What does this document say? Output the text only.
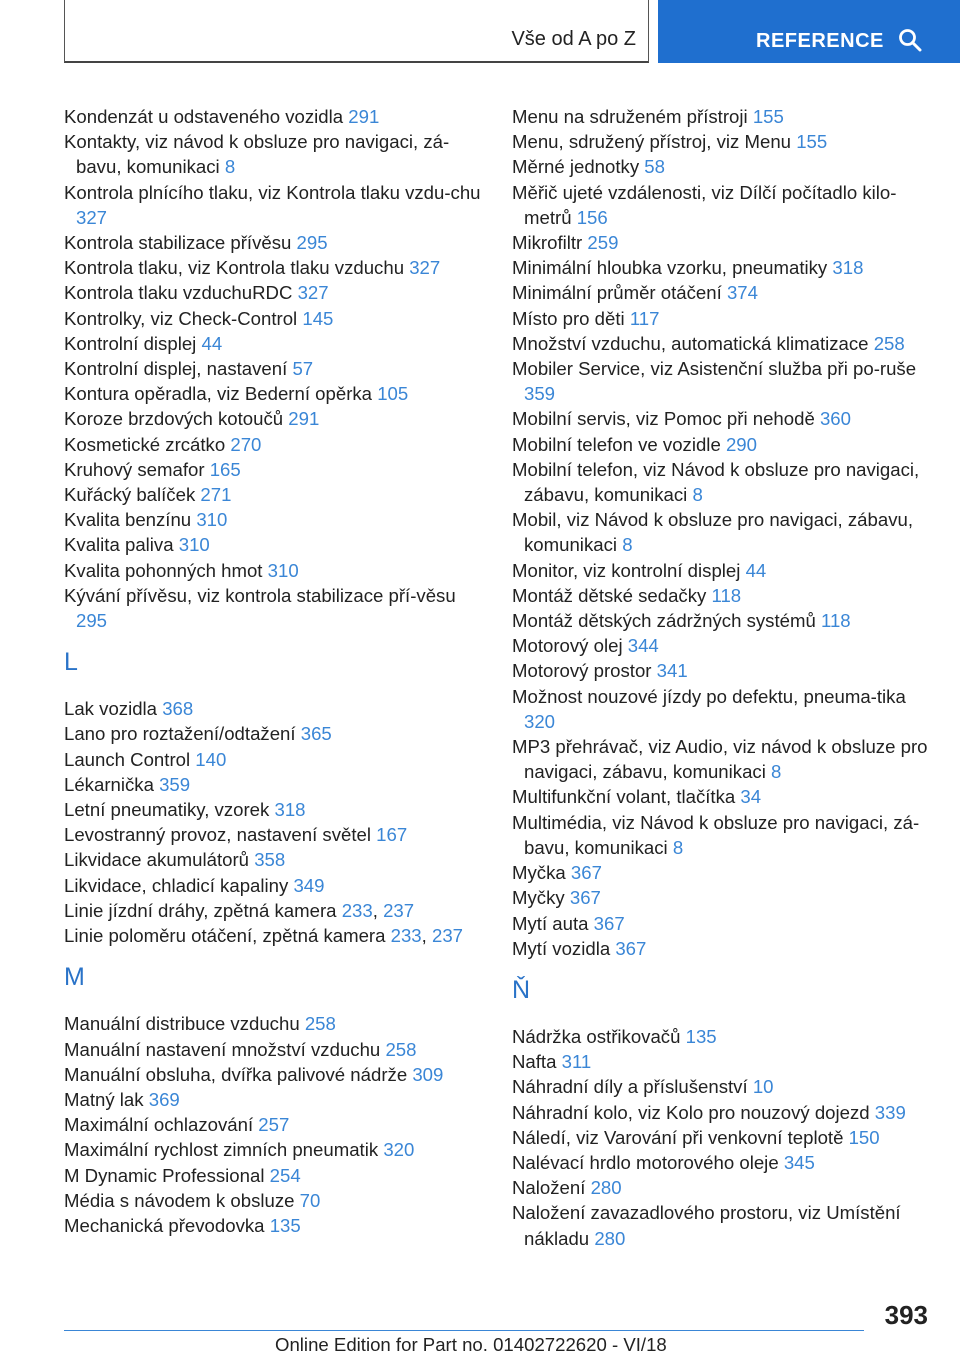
Vše od A po Z	REFERENCE
Kondenzát u odstaveného vozidla 291
Kontakty, viz návod k obsluze pro navigaci, zá-bavu, komunikaci 8
Kontrola plnícího tlaku, viz Kontrola tlaku vzdu-chu 327
Kontrola stabilizace přívěsu 295
Kontrola tlaku, viz Kontrola tlaku vzduchu 327
Kontrola tlaku vzduchuRDC 327
Kontrolky, viz Check-Control 145
Kontrolní displej 44
Kontrolní displej, nastavení 57
Kontura opěradla, viz Bederní opěrka 105
Koroze brzdových kotoučů 291
Kosmetické zrcátko 270
Kruhový semafor 165
Kuřácký balíček 271
Kvalita benzínu 310
Kvalita paliva 310
Kvalita pohonných hmot 310
Kývání přívěsu, viz kontrola stabilizace pří-věsu 295
L
Lak vozidla 368
Lano pro roztažení/odtažení 365
Launch Control 140
Lékarnička 359
Letní pneumatiky, vzorek 318
Levostranný provoz, nastavení světel 167
Likvidace akumulátorů 358
Likvidace, chladicí kapaliny 349
Linie jízdní dráhy, zpětná kamera 233, 237
Linie poloměru otáčení, zpětná kamera 233, 237
M
Manuální distribuce vzduchu 258
Manuální nastavení množství vzduchu 258
Manuální obsluha, dvířka palivové nádrže 309
Matný lak 369
Maximální ochlazování 257
Maximální rychlost zimních pneumatik 320
M Dynamic Professional 254
Média s návodem k obsluze 70
Mechanická převodovka 135
Menu na sdruženém přístroji 155
Menu, sdružený přístroj, viz Menu 155
Měrné jednotky 58
Měřič ujeté vzdálenosti, viz Dílčí počítadlo kilo-metrů 156
Mikrofiltr 259
Minimální hloubka vzorku, pneumatiky 318
Minimální průměr otáčení 374
Místo pro děti 117
Množství vzduchu, automatická klimatizace 258
Mobiler Service, viz Asistenční služba při po-ruše 359
Mobilní servis, viz Pomoc při nehodě 360
Mobilní telefon ve vozidle 290
Mobilní telefon, viz Návod k obsluze pro navigaci, zábavu, komunikaci 8
Mobil, viz Návod k obsluze pro navigaci, zábavu, komunikaci 8
Monitor, viz kontrolní displej 44
Montáž dětské sedačky 118
Montáž dětských zádržných systémů 118
Motorový olej 344
Motorový prostor 341
Možnost nouzové jízdy po defektu, pneuma-tika 320
MP3 přehrávač, viz Audio, viz návod k obsluze pro navigaci, zábavu, komunikaci 8
Multifunkční volant, tlačítka 34
Multimédia, viz Návod k obsluze pro navigaci, zá-bavu, komunikaci 8
Myčka 367
Myčky 367
Mytí auta 367
Mytí vozidla 367
Ň
Nádržka ostřikovačů 135
Nafta 311
Náhradní díly a příslušenství 10
Náhradní kolo, viz Kolo pro nouzový dojezd 339
Náledí, viz Varování při venkovní teplotě 150
Nalévací hrdlo motorového oleje 345
Naložení 280
Naložení zavazadlového prostoru, viz Umístění nákladu 280
393
Online Edition for Part no. 01402722620 - VI/18
